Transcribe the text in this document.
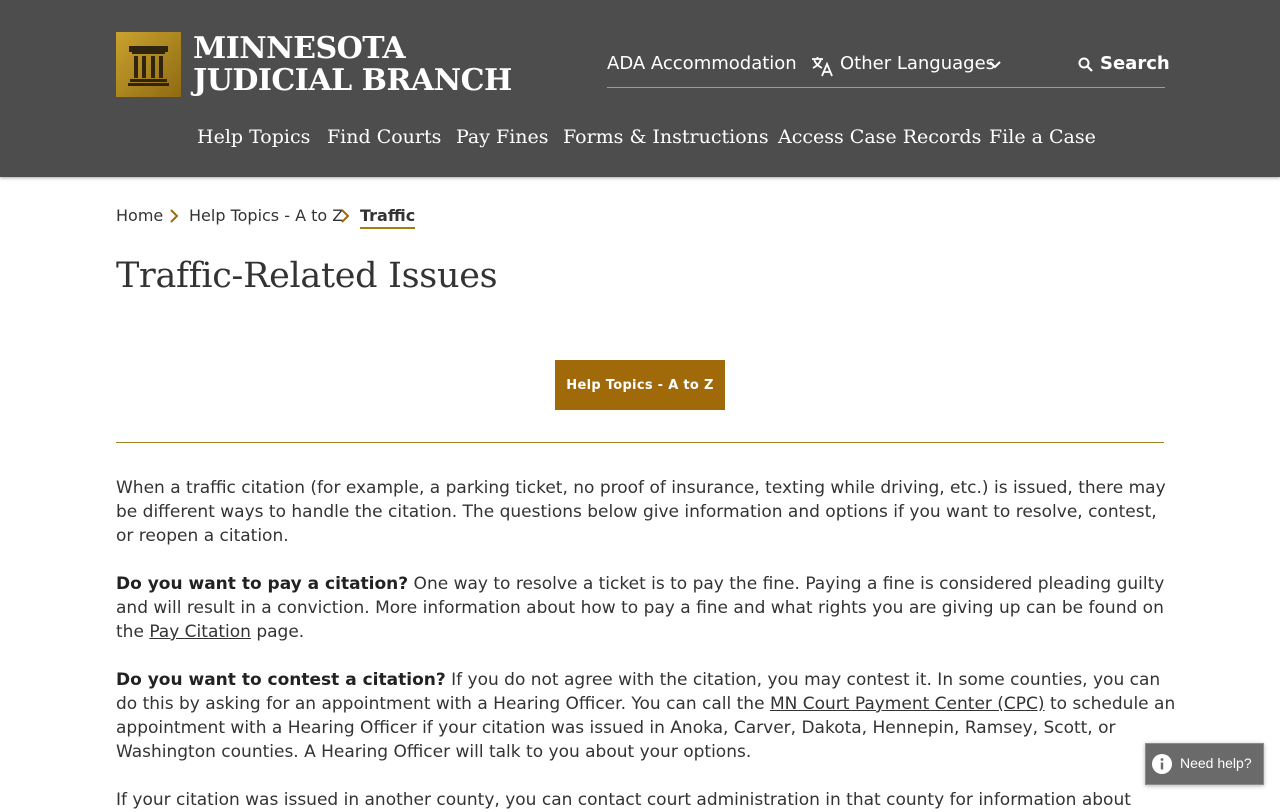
MINNESOTA
JUDICIAL BRANCH	ADA Accommodation Other Languages	Search
Help Topics Find Courts Pay Fines Forms & Instructions Access Case Records File a Case
Home Help Topics - A to Z Traffic
Traffic-Related Issues
Help Topics - A to Z

When a traffic citation (for example, a parking ticket, no proof of insurance, texting while driving, etc.) is issued, there may be different ways to handle the citation. The questions below give information and options if you want to resolve, contest, or reopen a citation.

Do you want to pay a citation? One way to resolve a ticket is to pay the fine. Paying a fine is considered pleading guilty and will result in a conviction. More information about how to pay a fine and what rights you are giving up can be found on the Pay Citation page.

Do you want to contest a citation? If you do not agree with the citation, you may contest it. In some counties, you can do this by asking for an appointment with a Hearing Officer. You can call the MN Court Payment Center (CPC) to schedule an appointment with a Hearing Officer if your citation was issued in Anoka, Carver, Dakota, Hennepin, Ramsey, Scott, or Washington counties. A Hearing Officer will talk to you about your options.

If your citation was issued in another county, you can contact court administration in that county for information about

Need help?
